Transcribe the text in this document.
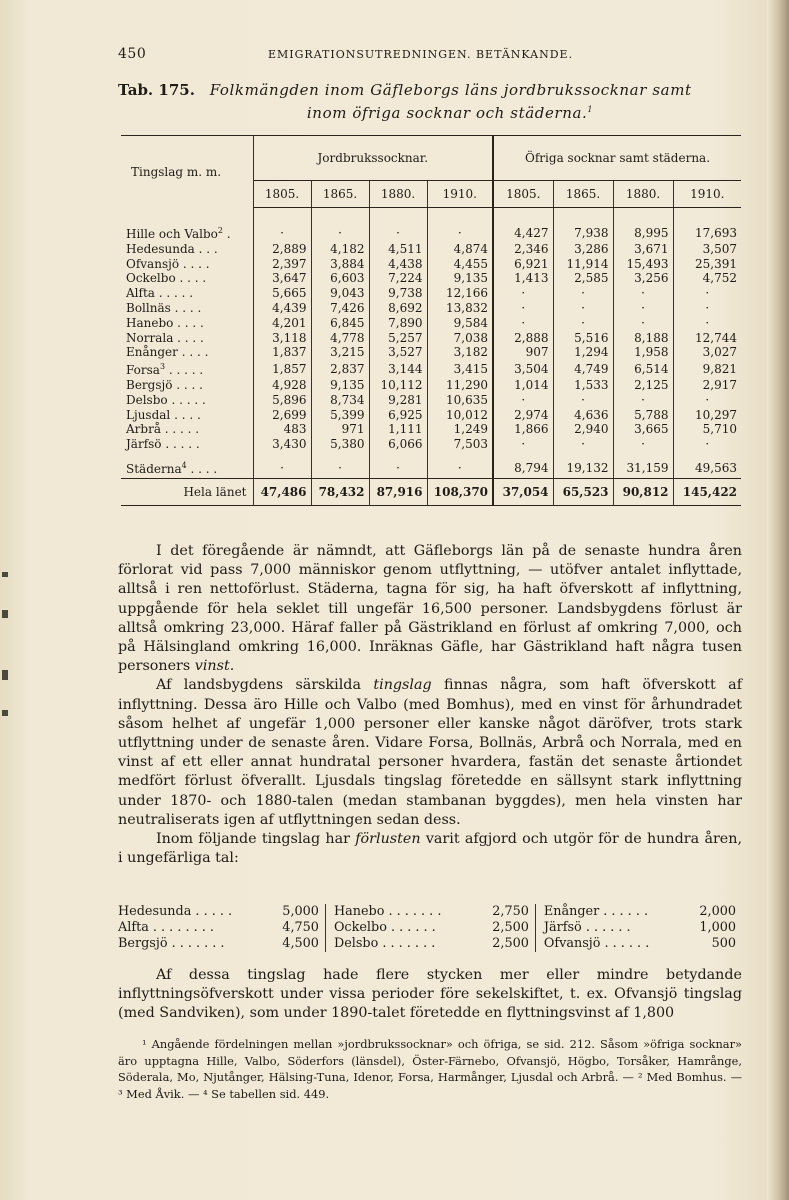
450	EMIGRATIONSUTREDNINGEN. BETÄNKANDE.
Tab. 175. Folkmängden inom Gäfleborgs läns jordbrukssocknar samt
inom öfriga socknar och städerna.$^1$
Tingslag m. m.	Jordbrukssocknar.				Öfriga socknar samt städerna.			
	1805.	1865.	1880.	1910.	1805.	1865.	1880.	1910.

Hille och Valbo$^2$ .	·	·	·	·	4,427	7,938	8,995	17,693
Hedesunda . . .	2,889	4,182	4,511	4,874	2,346	3,286	3,671	3,507
Ofvansjö . . . .	2,397	3,884	4,438	4,455	6,921	11,914	15,493	25,391
Ockelbo . . . .	3,647	6,603	7,224	9,135	1,413	2,585	3,256	4,752
Alfta . . . . .	5,665	9,043	9,738	12,166	·	·	·	·
Bollnäs . . . .	4,439	7,426	8,692	13,832	·	·	·	·
Hanebo . . . .	4,201	6,845	7,890	9,584	·	·	·	·
Norrala . . . .	3,118	4,778	5,257	7,038	2,888	5,516	8,188	12,744
Enånger . . . .	1,837	3,215	3,527	3,182	907	1,294	1,958	3,027
Forsa$^3$ . . . . .	1,857	2,837	3,144	3,415	3,504	4,749	6,514	9,821
Bergsjö . . . .	4,928	9,135	10,112	11,290	1,014	1,533	2,125	2,917
Delsbo . . . . .	5,896	8,734	9,281	10,635	·	·	·	·
Ljusdal . . . .	2,699	5,399	6,925	10,012	2,974	4,636	5,788	10,297
Arbrå . . . . .	483	971	1,111	1,249	1,866	2,940	3,665	5,710
Järfsö . . . . .	3,430	5,380	6,066	7,503	·	·	·	·
Städerna$^4$ . . . .	·	·	·	·	8,794	19,132	31,159	49,563
Hela länet	47,486	78,432	87,916	108,370	37,054	65,523	90,812	145,422

I det föregående är nämndt, att Gäfleborgs län på de senaste hundra åren förlorat vid pass 7,000 människor genom utflyttning, — utöfver antalet inflyttade, alltså i ren nettoförlust. Städerna, tagna för sig, ha haft öfverskott af inflyttning, uppgående för hela seklet till ungefär 16,500 personer. Landsbygdens förlust är alltså omkring 23,000. Häraf faller på Gästrikland en förlust af omkring 7,000, och på Hälsingland omkring 16,000. Inräknas Gäfle, har Gästrikland haft några tusen personers vinst.

Af landsbygdens särskilda tingslag finnas några, som haft öfverskott af inflyttning. Dessa äro Hille och Valbo (med Bomhus), med en vinst för århundradet såsom helhet af ungefär 1,000 personer eller kanske något däröfver, trots stark utflyttning under de senaste åren. Vidare Forsa, Bollnäs, Arbrå och Norrala, med en vinst af ett eller annat hundratal personer hvardera, fastän det senaste årtiondet medfört förlust öfverallt. Ljusdals tingslag företedde en sällsynt stark inflyttning under 1870- och 1880-talen (medan stambanan byggdes), men hela vinsten har neutraliserats igen af utflyttningen sedan dess.

Inom följande tingslag har förlusten varit afgjord och utgör för de hundra åren, i ungefärliga tal:

Hedesunda . . . . .	5,000	Hanebo . . . . . . .	2,750	Enånger . . . . . .	2,000
Alfta . . . . . . . .	4,750	Ockelbo . . . . . .	2,500	Järfsö . . . . . .	1,000
Bergsjö . . . . . . .	4,500	Delsbo . . . . . . .	2,500	Ofvansjö . . . . . .	500

Af dessa tingslag hade flere stycken mer eller mindre betydande inflyttningsöfverskott under vissa perioder före sekelskiftet, t. ex. Ofvansjö tingslag (med Sandviken), som under 1890-talet företedde en flyttningsvinst af 1,800

¹ Angående fördelningen mellan »jordbrukssocknar» och öfriga, se sid. 212. Såsom »öfriga socknar» äro upptagna Hille, Valbo, Söderfors (länsdel), Öster-Färnebo, Ofvansjö, Högbo, Torsåker, Hamrånge, Söderala, Mo, Njutånger, Hälsing-Tuna, Idenor, Forsa, Harmånger, Ljusdal och Arbrå. — ² Med Bomhus. — ³ Med Åvik. — ⁴ Se tabellen sid. 449.
